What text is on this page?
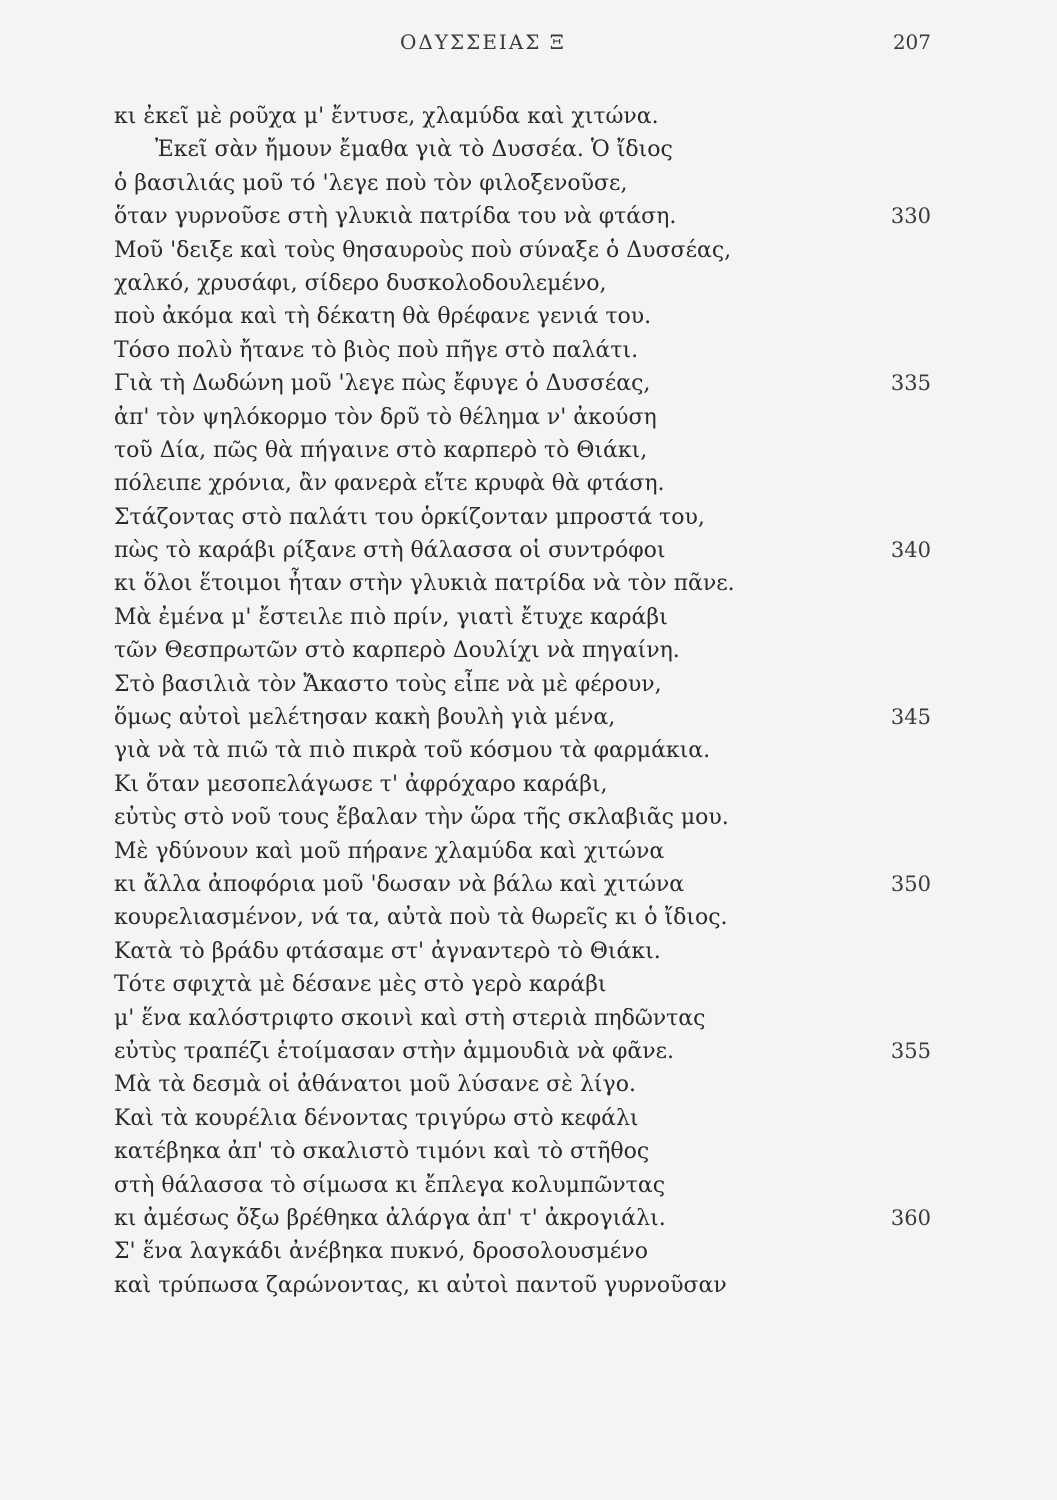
ΟΔΥΣΣΕΙΑΣ Ξ	207
κι ἐκεῖ μὲ ροῦχα μ' ἔντυσε, χλαμύδα καὶ χιτώνα.
Ἐκεῖ σὰν ἤμουν ἔμαθα γιὰ τὸ Δυσσέα. Ὁ ἴδιος
ὁ βασιλιάς μοῦ τό 'λεγε ποὺ τὸν φιλοξενοῦσε,
ὅταν γυρνοῦσε στὴ γλυκιὰ πατρίδα του νὰ φτάση.	330
Μοῦ 'δειξε καὶ τοὺς θησαυροὺς ποὺ σύναξε ὁ Δυσσέας,
χαλκό, χρυσάφι, σίδερο δυσκολοδουλεμένο,
ποὺ ἀκόμα καὶ τὴ δέκατη θὰ θρέφανε γενιά του.
Τόσο πολὺ ἤτανε τὸ βιὸς ποὺ πῆγε στὸ παλάτι.
Γιὰ τὴ Δωδώνη μοῦ 'λεγε πὼς ἔφυγε ὁ Δυσσέας,	335
ἀπ' τὸν ψηλόκορμο τὸν δρῦ τὸ θέλημα ν' ἀκούση
τοῦ Δία, πῶς θὰ πήγαινε στὸ καρπερὸ τὸ Θιάκι,
πόλειπε χρόνια, ἂν φανερὰ εἴτε κρυφὰ θὰ φτάση.
Στάζοντας στὸ παλάτι του ὁρκίζονταν μπροστά του,
πὼς τὸ καράβι ρίξανε στὴ θάλασσα οἱ συντρόφοι	340
κι ὅλοι ἕτοιμοι ἦταν στὴν γλυκιὰ πατρίδα νὰ τὸν πᾶνε.
Μὰ ἐμένα μ' ἔστειλε πιὸ πρίν, γιατὶ ἔτυχε καράβι
τῶν Θεσπρωτῶν στὸ καρπερὸ Δουλίχι νὰ πηγαίνη.
Στὸ βασιλιὰ τὸν Ἄκαστο τοὺς εἶπε νὰ μὲ φέρουν,
ὅμως αὐτοὶ μελέτησαν κακὴ βουλὴ γιὰ μένα,	345
γιὰ νὰ τὰ πιῶ τὰ πιὸ πικρὰ τοῦ κόσμου τὰ φαρμάκια.
Κι ὅταν μεσοπελάγωσε τ' ἀφρόχαρο καράβι,
εὐτὺς στὸ νοῦ τους ἔβαλαν τὴν ὥρα τῆς σκλαβιᾶς μου.
Μὲ γδύνουν καὶ μοῦ πήρανε χλαμύδα καὶ χιτώνα
κι ἄλλα ἀποφόρια μοῦ 'δωσαν νὰ βάλω καὶ χιτώνα	350
κουρελιασμένον, νά τα, αὐτὰ ποὺ τὰ θωρεῖς κι ὁ ἴδιος.
Κατὰ τὸ βράδυ φτάσαμε στ' ἀγναντερὸ τὸ Θιάκι.
Τότε σφιχτὰ μὲ δέσανε μὲς στὸ γερὸ καράβι
μ' ἕνα καλόστριφτο σκοινὶ καὶ στὴ στεριὰ πηδῶντας
εὐτὺς τραπέζι ἑτοίμασαν στὴν ἀμμουδιὰ νὰ φᾶνε.	355
Μὰ τὰ δεσμὰ οἱ ἀθάνατοι μοῦ λύσανε σὲ λίγο.
Καὶ τὰ κουρέλια δένοντας τριγύρω στὸ κεφάλι
κατέβηκα ἀπ' τὸ σκαλιστὸ τιμόνι καὶ τὸ στῆθος
στὴ θάλασσα τὸ σίμωσα κι ἔπλεγα κολυμπῶντας
κι ἀμέσως ὄξω βρέθηκα ἀλάργα ἀπ' τ' ἀκρογιάλι.	360
Σ' ἕνα λαγκάδι ἀνέβηκα πυκνό, δροσολουσμένο
καὶ τρύπωσα ζαρώνοντας, κι αὐτοὶ παντοῦ γυρνοῦσαν
